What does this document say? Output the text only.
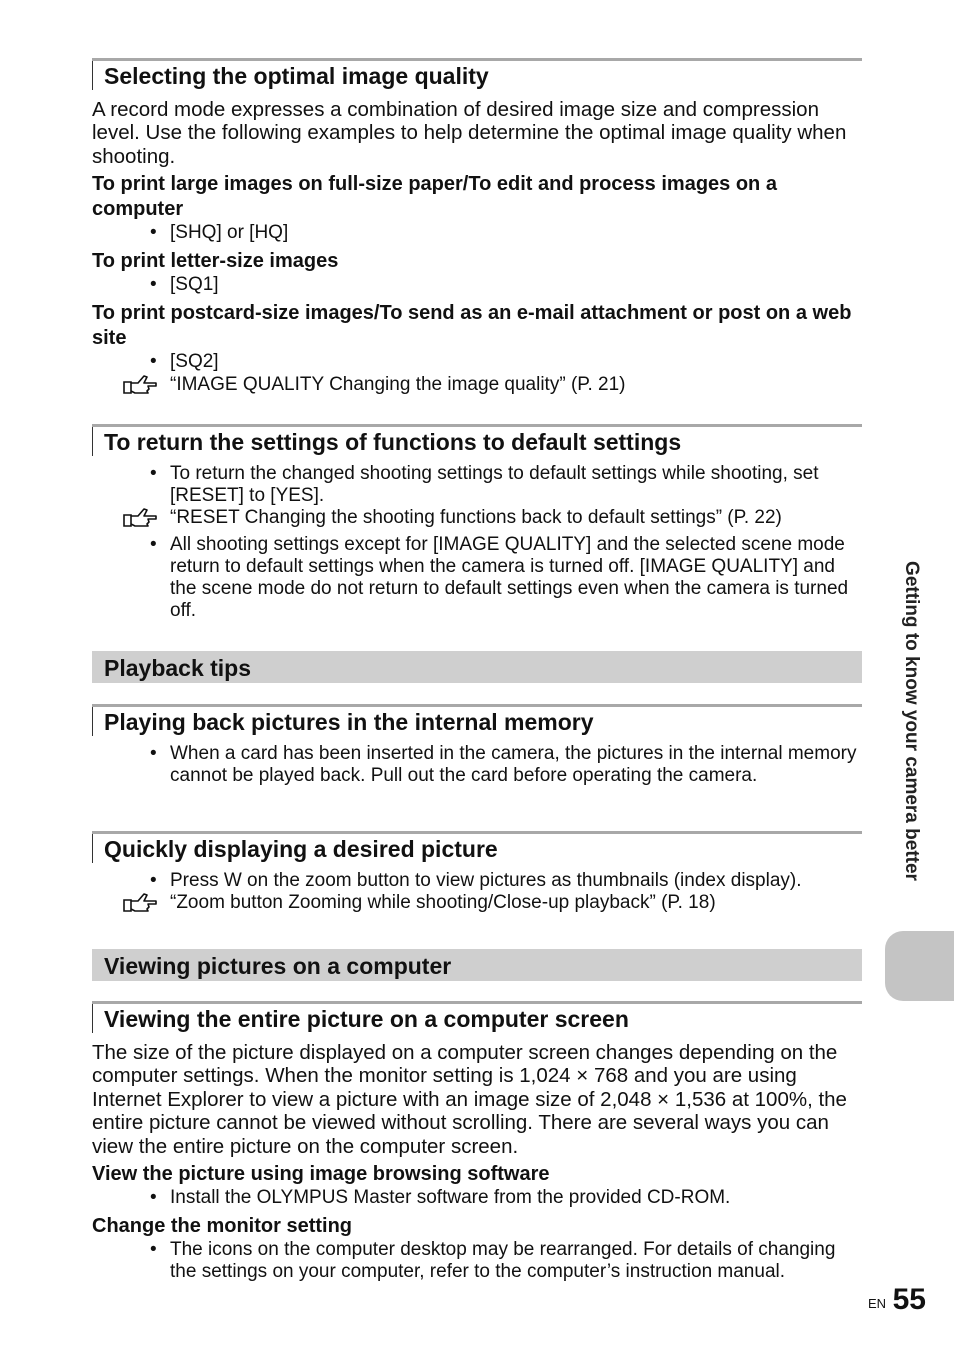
Selecting the optimal image quality
A record mode expresses a combination of desired image size and compression level. Use the following examples to help determine the optimal image quality when shooting.
To print large images on full-size paper/To edit and process images on a computer
• [SHQ] or [HQ]
To print letter-size images
• [SQ1]
To print postcard-size images/To send as an e-mail attachment or post on a web site
• [SQ2]
“IMAGE QUALITY Changing the image quality” (P. 21)
To return the settings of functions to default settings
• To return the changed shooting settings to default settings while shooting, set [RESET] to [YES].
“RESET Changing the shooting functions back to default settings” (P. 22)
• All shooting settings except for [IMAGE QUALITY] and the selected scene mode return to default settings when the camera is turned off. [IMAGE QUALITY] and the scene mode do not return to default settings even when the camera is turned off.
Playback tips
Playing back pictures in the internal memory
• When a card has been inserted in the camera, the pictures in the internal memory cannot be played back. Pull out the card before operating the camera.
Quickly displaying a desired picture
• Press W on the zoom button to view pictures as thumbnails (index display).
“Zoom button Zooming while shooting/Close-up playback” (P. 18)
Viewing pictures on a computer
Viewing the entire picture on a computer screen
The size of the picture displayed on a computer screen changes depending on the computer settings. When the monitor setting is 1,024 × 768 and you are using Internet Explorer to view a picture with an image size of 2,048 × 1,536 at 100%, the entire picture cannot be viewed without scrolling. There are several ways you can view the entire picture on the computer screen.
View the picture using image browsing software
• Install the OLYMPUS Master software from the provided CD-ROM.
Change the monitor setting
• The icons on the computer desktop may be rearranged. For details of changing the settings on your computer, refer to the computer’s instruction manual.
Getting to know your camera better
EN 55
